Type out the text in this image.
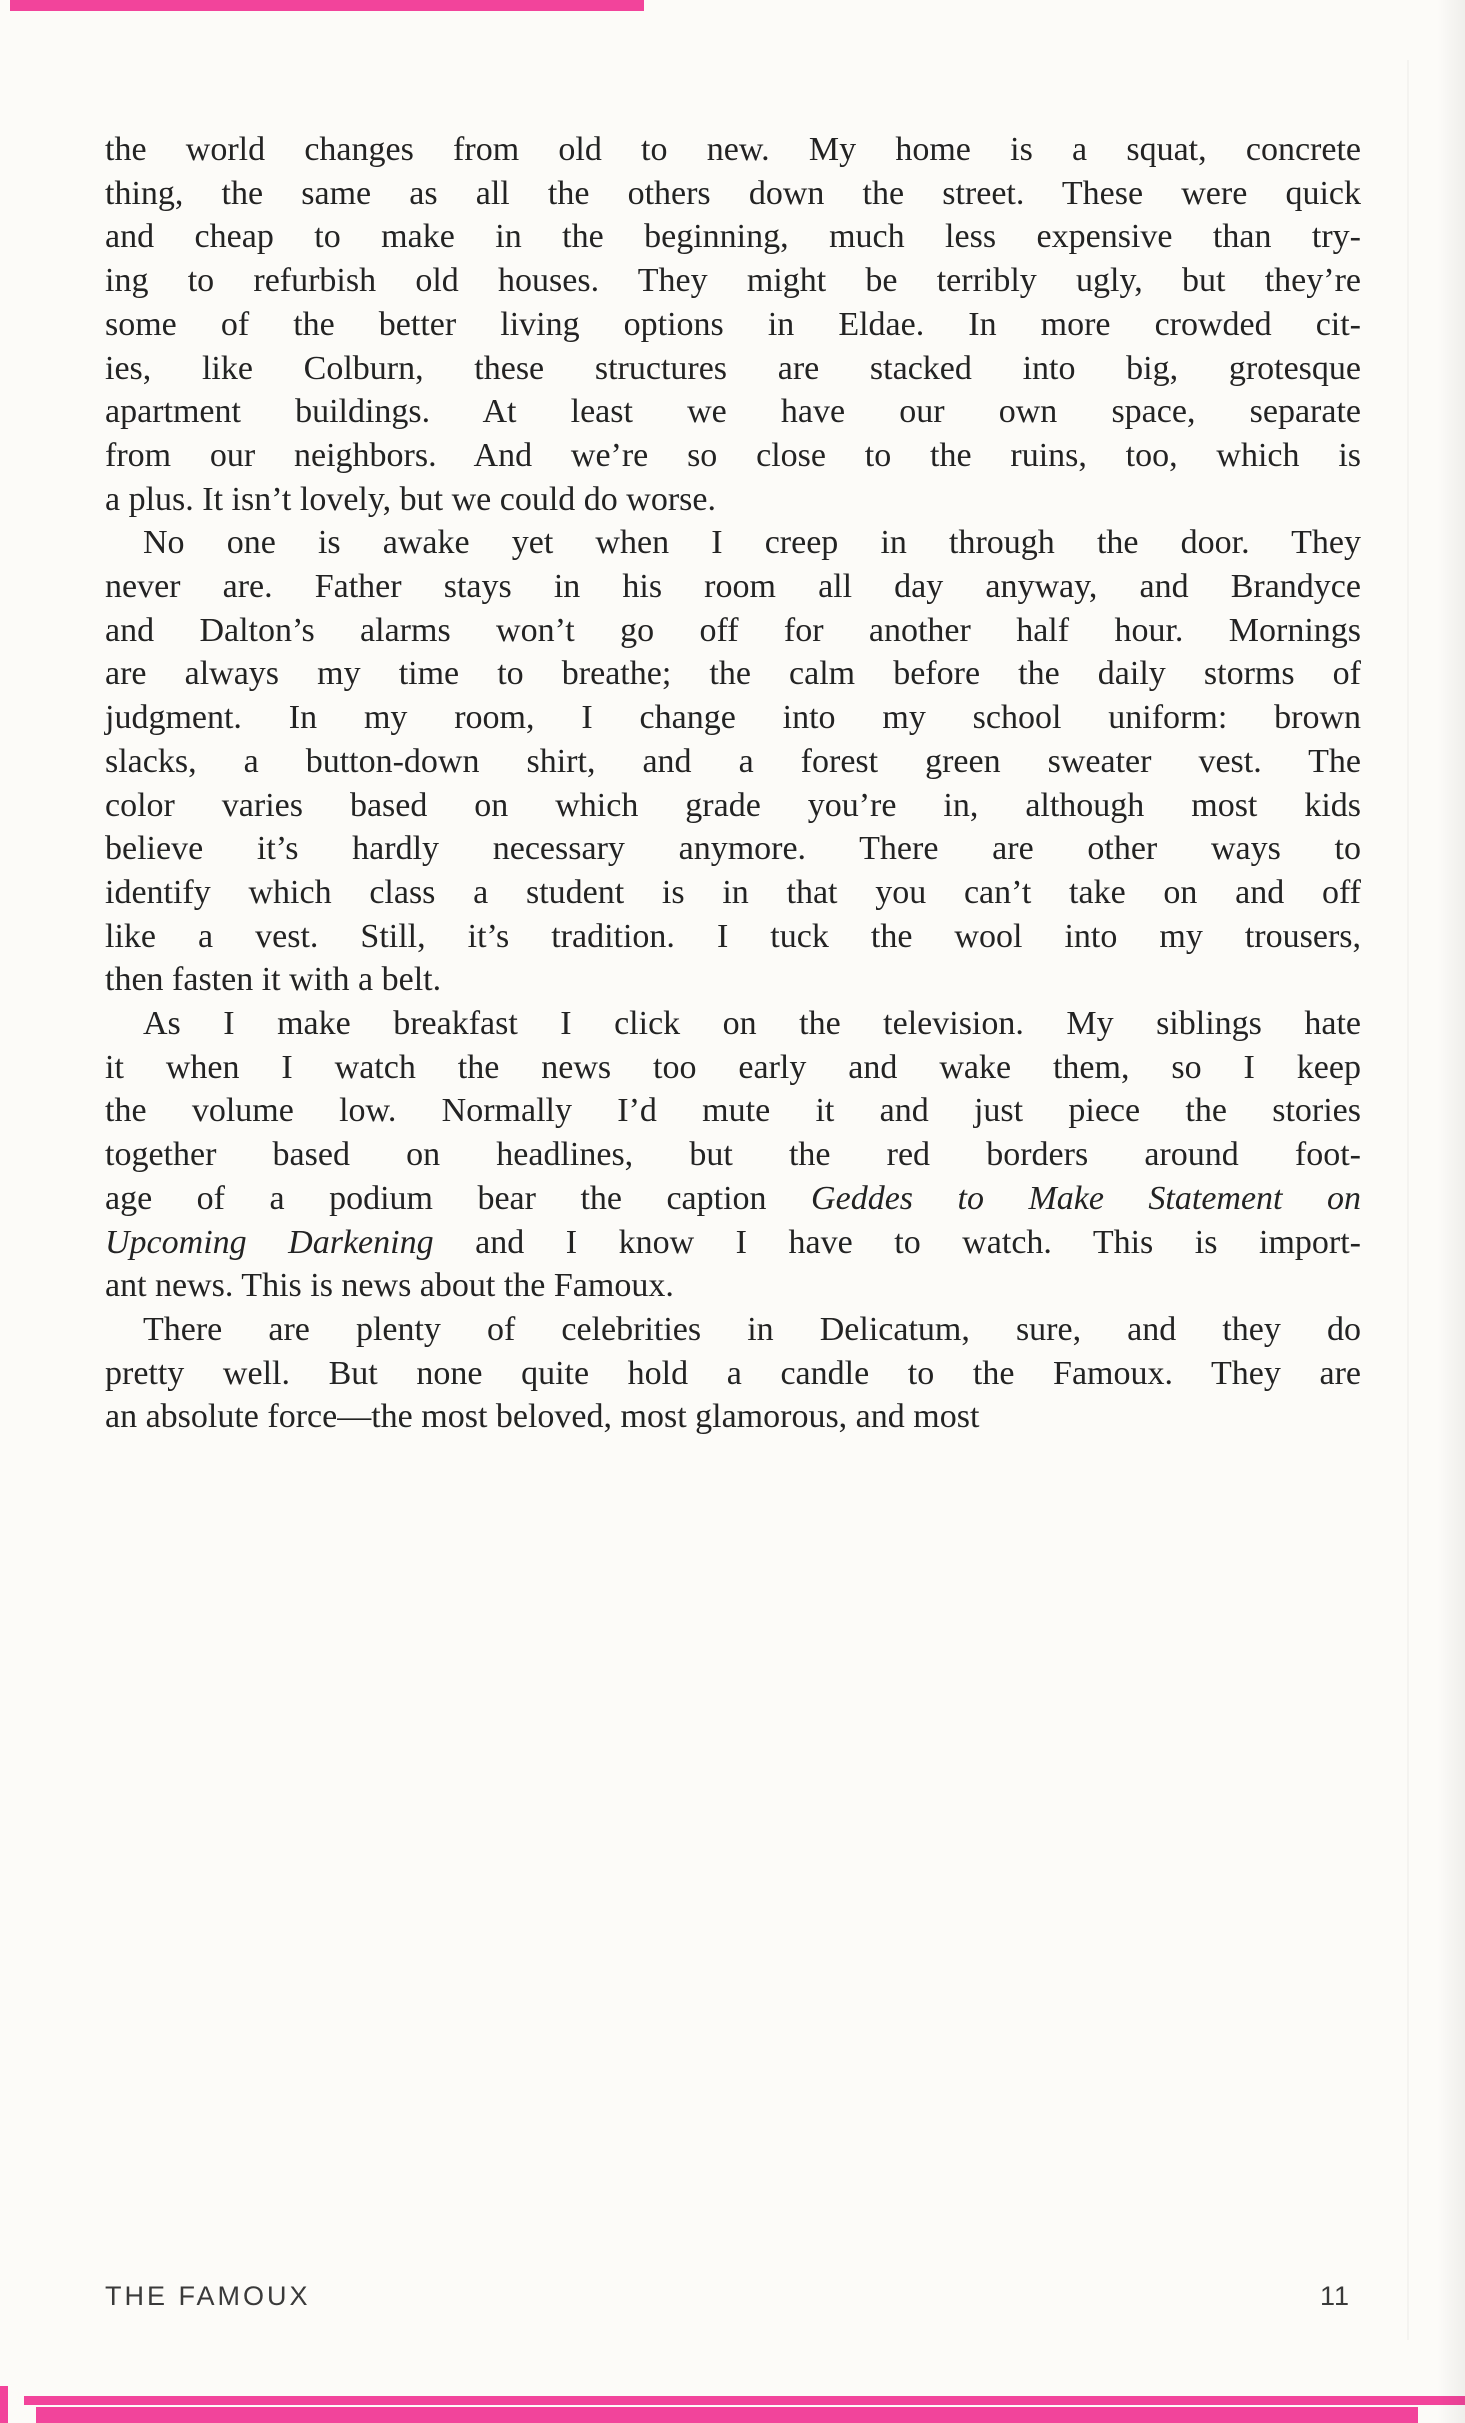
the world changes from old to new. My home is a squat, concrete
thing, the same as all the others down the street. These were quick
and cheap to make in the beginning, much less expensive than try-
ing to refurbish old houses. They might be terribly ugly, but they’re
some of the better living options in Eldae. In more crowded cit-
ies, like Colburn, these structures are stacked into big, grotesque
apartment buildings. At least we have our own space, separate
from our neighbors. And we’re so close to the ruins, too, which is
a plus. It isn’t lovely, but we could do worse.
No one is awake yet when I creep in through the door. They
never are. Father stays in his room all day anyway, and Brandyce
and Dalton’s alarms won’t go off for another half hour. Mornings
are always my time to breathe; the calm before the daily storms of
judgment. In my room, I change into my school uniform: brown
slacks, a button-down shirt, and a forest green sweater vest. The
color varies based on which grade you’re in, although most kids
believe it’s hardly necessary anymore. There are other ways to
identify which class a student is in that you can’t take on and off
like a vest. Still, it’s tradition. I tuck the wool into my trousers,
then fasten it with a belt.
As I make breakfast I click on the television. My siblings hate
it when I watch the news too early and wake them, so I keep
the volume low. Normally I’d mute it and just piece the stories
together based on headlines, but the red borders around foot-
age of a podium bear the caption Geddes to Make Statement on
Upcoming Darkening and I know I have to watch. This is import-
ant news. This is news about the Famoux.
There are plenty of celebrities in Delicatum, sure, and they do
pretty well. But none quite hold a candle to the Famoux. They are
an absolute force—the most beloved, most glamorous, and most
THE FAMOUX	11
